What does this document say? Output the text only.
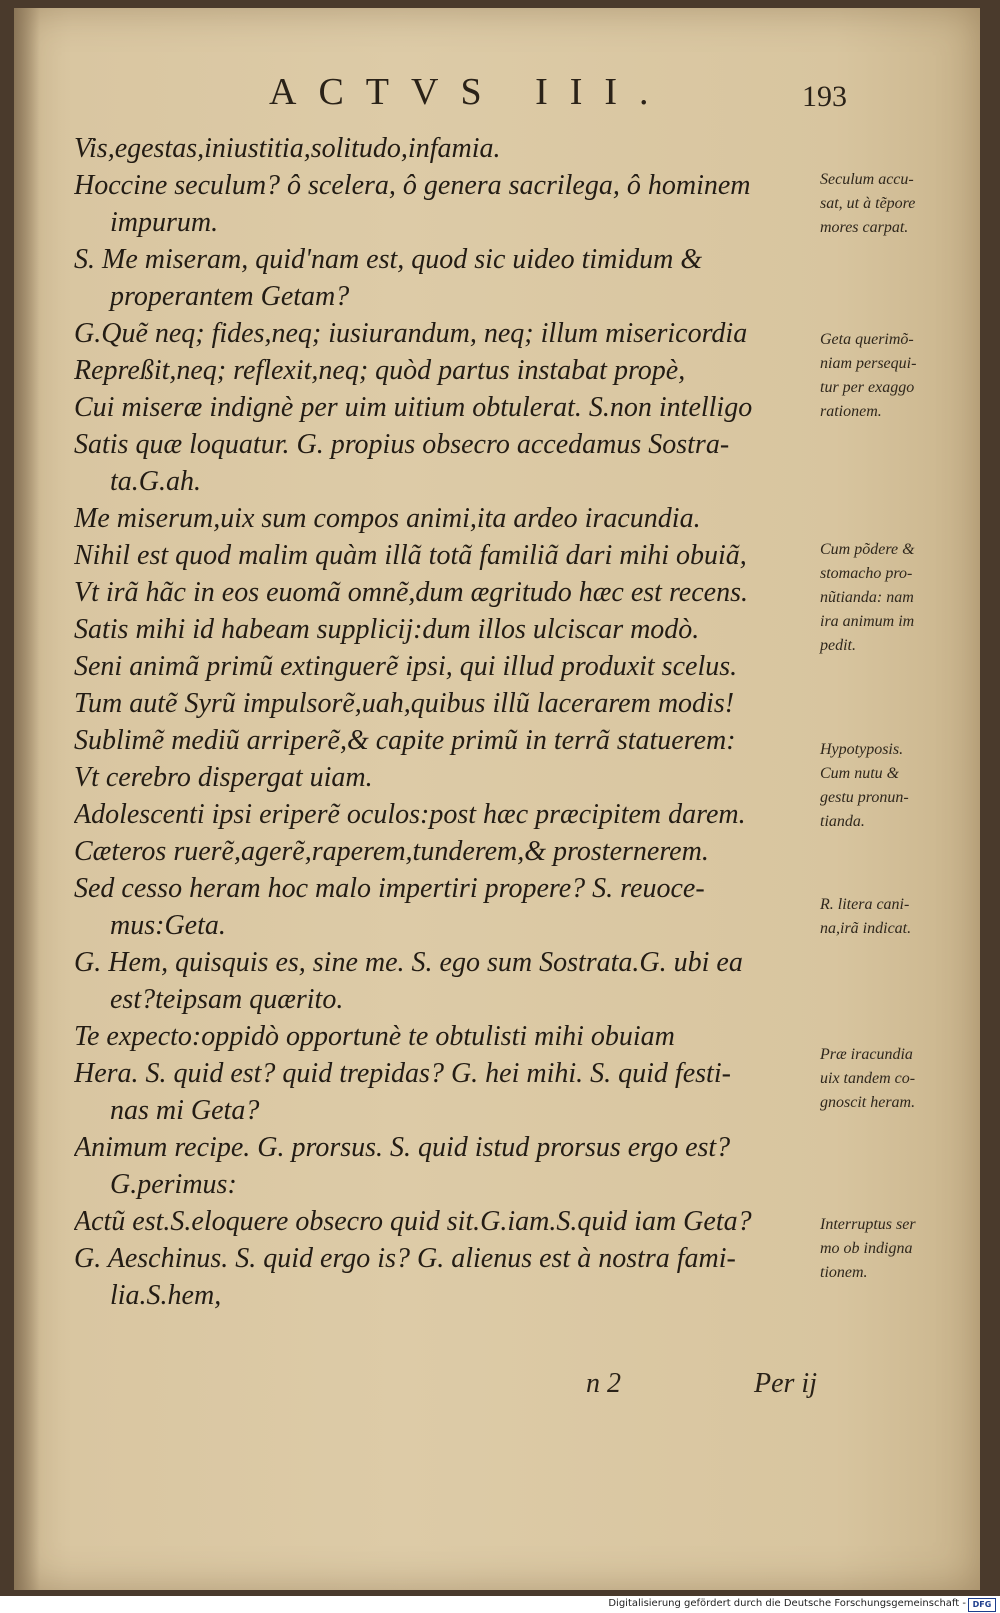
ACTVS III.	193
Vis,egestas,iniustitia,solitudo,infamia.
Hoccine seculum? ô scelera, ô genera sacrilega, ô hominem
impurum.
S. Me miseram, quid'nam est, quod sic uideo timidum &
properantem Getam?
G.Quẽ neq; fides,neq; iusiurandum, neq; illum misericordia
Repreßit,neq; reflexit,neq; quòd partus instabat propè,
Cui miseræ indignè per uim uitium obtulerat. S.non intelligo
Satis quæ loquatur. G. propius obsecro accedamus Sostra-
ta.G.ah.
Me miserum,uix sum compos animi,ita ardeo iracundia.
Nihil est quod malim quàm illã totã familiã dari mihi obuiã,
Vt irã hãc in eos euomã omnẽ,dum ægritudo hæc est recens.
Satis mihi id habeam supplicij:dum illos ulciscar modò.
Seni animã primũ extinguerẽ ipsi, qui illud produxit scelus.
Tum autẽ Syrũ impulsorẽ,uah,quibus illũ lacerarem modis!
Sublimẽ mediũ arriperẽ,& capite primũ in terrã statuerem:
Vt cerebro dispergat uiam.
Adolescenti ipsi eriperẽ oculos:post hæc præcipitem darem.
Cæteros ruerẽ,agerẽ,raperem,tunderem,& prosternerem.
Sed cesso heram hoc malo impertiri propere? S. reuoce-
mus:Geta.
G. Hem, quisquis es, sine me. S. ego sum Sostrata.G. ubi ea
est?teipsam quærito.
Te expecto:oppidò opportunè te obtulisti mihi obuiam
Hera. S. quid est? quid trepidas? G. hei mihi. S. quid festi-
nas mi Geta?
Animum recipe. G. prorsus. S. quid istud prorsus ergo est?
G.perimus:
Actũ est.S.eloquere obsecro quid sit.G.iam.S.quid iam Geta?
G. Aeschinus. S. quid ergo is? G. alienus est à nostra fami-
lia.S.hem,
Seculum accu-
sat, ut à tẽpore
mores carpat.
Geta querimõ-
niam persequi-
tur per exaggo
rationem.
Cum põdere &
stomacho pro-
nũtianda: nam
ira animum im
pedit.
Hypotyposis.
Cum nutu &
gestu pronun-
tianda.
R. litera cani-
na,irã indicat.
Præ iracundia
uix tandem co-
gnoscit heram.
Interruptus ser
mo ob indigna
tionem.
n 2	Per ij
Digitalisierung gefördert durch die Deutsche Forschungsgemeinschaft - DFG
